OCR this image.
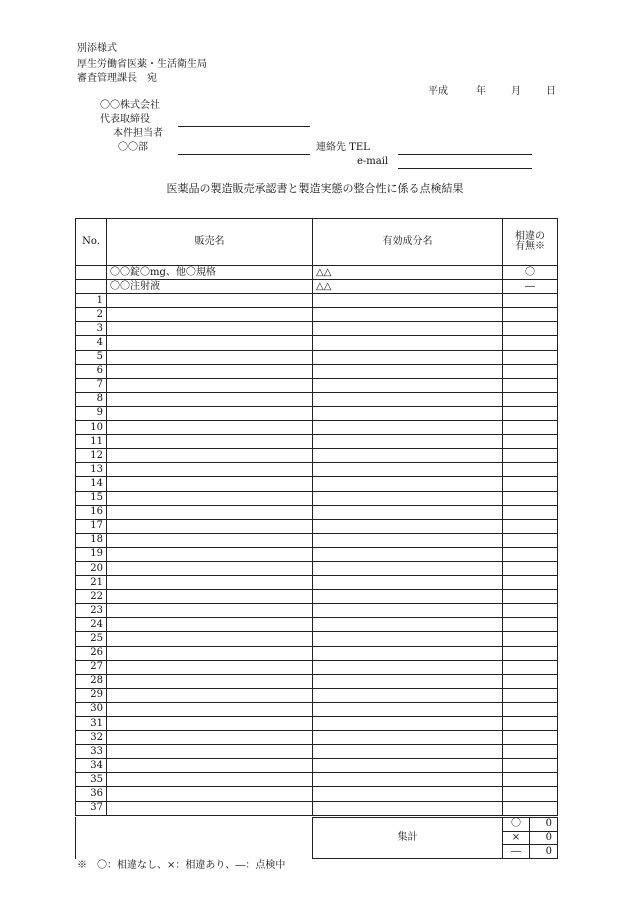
別添様式
厚生労働省医薬・生活衛生局
審査管理課長　宛
平成	年	月	日
〇〇株式会社
代表取締役
本件担当者
〇〇部	連絡先 TEL
e-mail
医薬品の製造販売承認書と製造実態の整合性に係る点検結果
No.	販売名	有効成分名	相違の
有無※
	〇〇錠〇mg、他〇規格	△△	〇
	〇〇注射液	△△	―
1			
2			
3			
4			
5			
6			
7			
8			
9			
10			
11			
12			
13			
14			
15			
16			
17			
18			
19			
20			
21			
22			
23			
24			
25			
26			
27			
28			
29			
30			
31			
32			
33			
34			
35			
36			
37			
集計	〇	0
	×	0
	―	0
※　〇：相違なし、×：相違あり、―：点検中
